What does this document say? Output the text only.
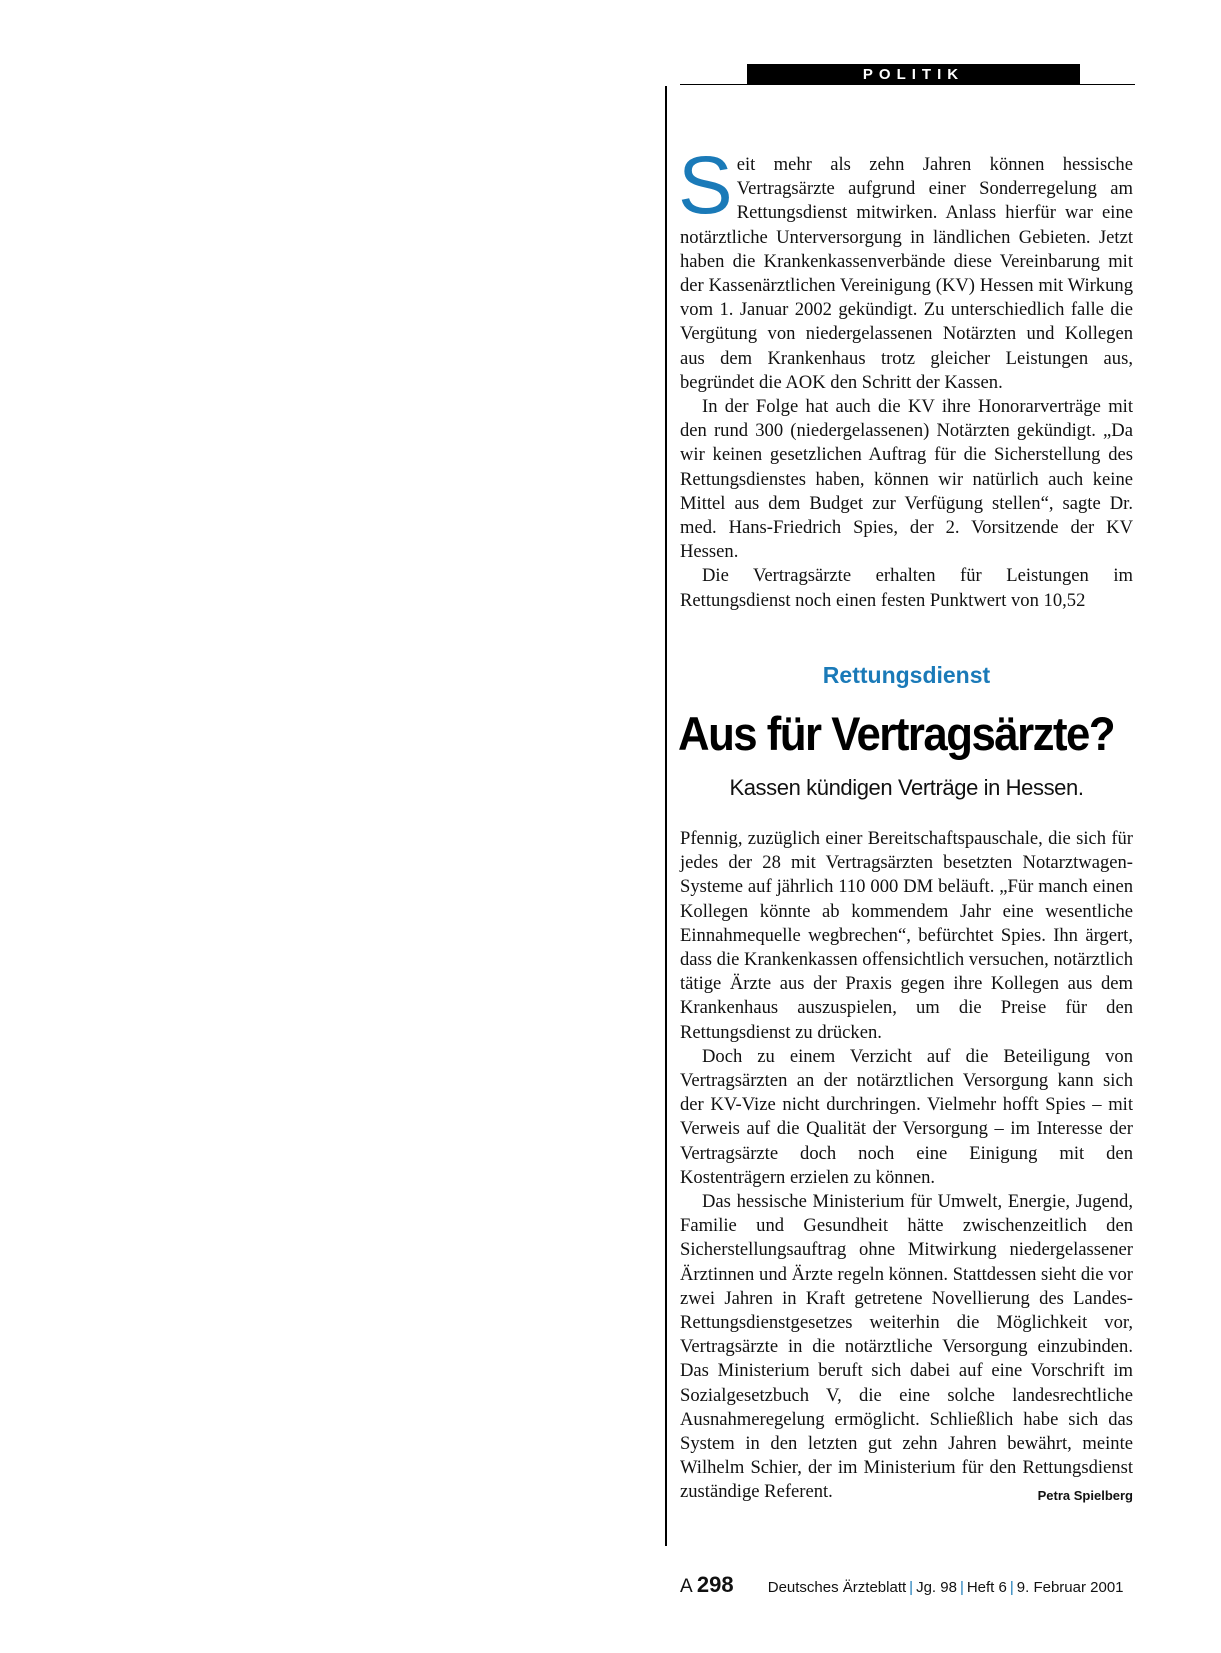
POLITIK

Seit mehr als zehn Jahren können hessische Vertragsärzte aufgrund einer Sonderregelung am Rettungsdienst mitwirken. Anlass hierfür war eine notärztliche Unterversorgung in ländlichen Gebieten. Jetzt haben die Krankenkassenverbände diese Vereinbarung mit der Kassenärztlichen Vereinigung (KV) Hessen mit Wirkung vom 1. Januar 2002 gekündigt. Zu unterschiedlich falle die Vergütung von niedergelassenen Notärzten und Kollegen aus dem Krankenhaus trotz gleicher Leistungen aus, begründet die AOK den Schritt der Kassen.

In der Folge hat auch die KV ihre Honorarverträge mit den rund 300 (niedergelassenen) Notärzten gekündigt. „Da wir keinen gesetzlichen Auftrag für die Sicherstellung des Rettungsdienstes haben, können wir natürlich auch keine Mittel aus dem Budget zur Verfügung stellen“, sagte Dr. med. Hans-Friedrich Spies, der 2. Vorsitzende der KV Hessen.

Die Vertragsärzte erhalten für Leistungen im Rettungsdienst noch einen festen Punktwert von 10,52

Rettungsdienst
Aus für Vertragsärzte?
Kassen kündigen Verträge in Hessen.

Pfennig, zuzüglich einer Bereitschaftspauschale, die sich für jedes der 28 mit Vertragsärzten besetzten Notarztwagen-Systeme auf jährlich 110 000 DM beläuft. „Für manch einen Kollegen könnte ab kommendem Jahr eine wesentliche Einnahmequelle wegbrechen“, befürchtet Spies. Ihn ärgert, dass die Krankenkassen offensichtlich versuchen, notärztlich tätige Ärzte aus der Praxis gegen ihre Kollegen aus dem Krankenhaus auszuspielen, um die Preise für den Rettungsdienst zu drücken.

Doch zu einem Verzicht auf die Beteiligung von Vertragsärzten an der notärztlichen Versorgung kann sich der KV-Vize nicht durchringen. Vielmehr hofft Spies – mit Verweis auf die Qualität der Versorgung – im Interesse der Vertragsärzte doch noch eine Einigung mit den Kostenträgern erzielen zu können.

Das hessische Ministerium für Umwelt, Energie, Jugend, Familie und Gesundheit hätte zwischenzeitlich den Sicherstellungsauftrag ohne Mitwirkung niedergelassener Ärztinnen und Ärzte regeln können. Stattdessen sieht die vor zwei Jahren in Kraft getretene Novellierung des Landes-Rettungsdienstgesetzes weiterhin die Möglichkeit vor, Vertragsärzte in die notärztliche Versorgung einzubinden. Das Ministerium beruft sich dabei auf eine Vorschrift im Sozialgesetzbuch V, die eine solche landesrechtliche Ausnahmeregelung ermöglicht. Schließlich habe sich das System in den letzten gut zehn Jahren bewährt, meinte Wilhelm Schier, der im Ministerium für den Rettungsdienst zuständige Referent.	Petra Spielberg

A 298 Deutsches Ärzteblatt | Jg. 98 | Heft 6 | 9. Februar 2001
